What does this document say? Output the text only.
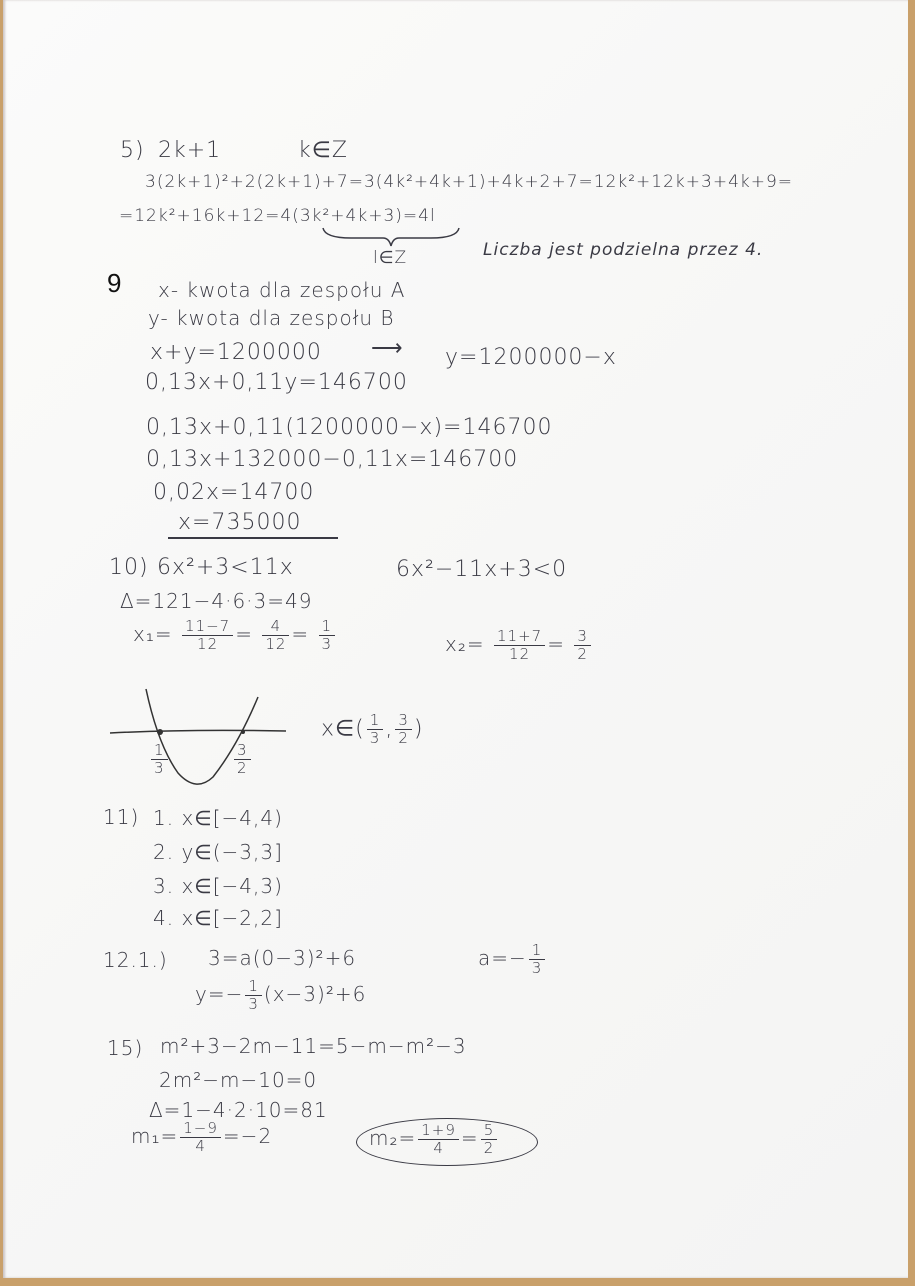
5) 2k+1	k∈Z
3(2k+1)²+2(2k+1)+7=3(4k²+4k+1)+4k+2+7=12k²+12k+3+4k+9=
=12k²+16k+12=4(3k²+4k+3)=4l
l∈Z	Liczba jest podzielna przez 4.
9 x- kwota dla zespołu A
y- kwota dla zespołu B
x+y=1200000 ⟶ y=1200000−x
0,13x+0,11y=146700
0,13x+0,11(1200000−x)=146700
0,13x+132000−0,11x=146700
0,02x=14700
x=735000
10) 6x²+3<11x	6x²−11x+3<0
Δ=121−4·6·3=49
$x_1= \frac{11-7}{12} = \frac{4}{12} = \frac{1}{3}$	$x_2= \frac{11+7}{12} = \frac{3}{2}$
$\frac{1}{3}$	$\frac{3}{2}$
x∈( $\frac{1}{3}$ , $\frac{3}{2}$ )
11) 1. x∈[−4,4)
2. y∈(−3,3]
3. x∈[−4,3)
4. x∈[−2,2]
12.1.) 3=a(0−3)²+6	$a=- \frac{1}{3}$
$y=- \frac{1}{3} (x-3)^2+6$
15) m²+3−2m−11=5−m−m²−3
2m²−m−10=0
Δ=1−4·2·10=81
$m_1= \frac{1-9}{4} =-2$	$m_2= \frac{1+9}{4} = \frac{5}{2}$
